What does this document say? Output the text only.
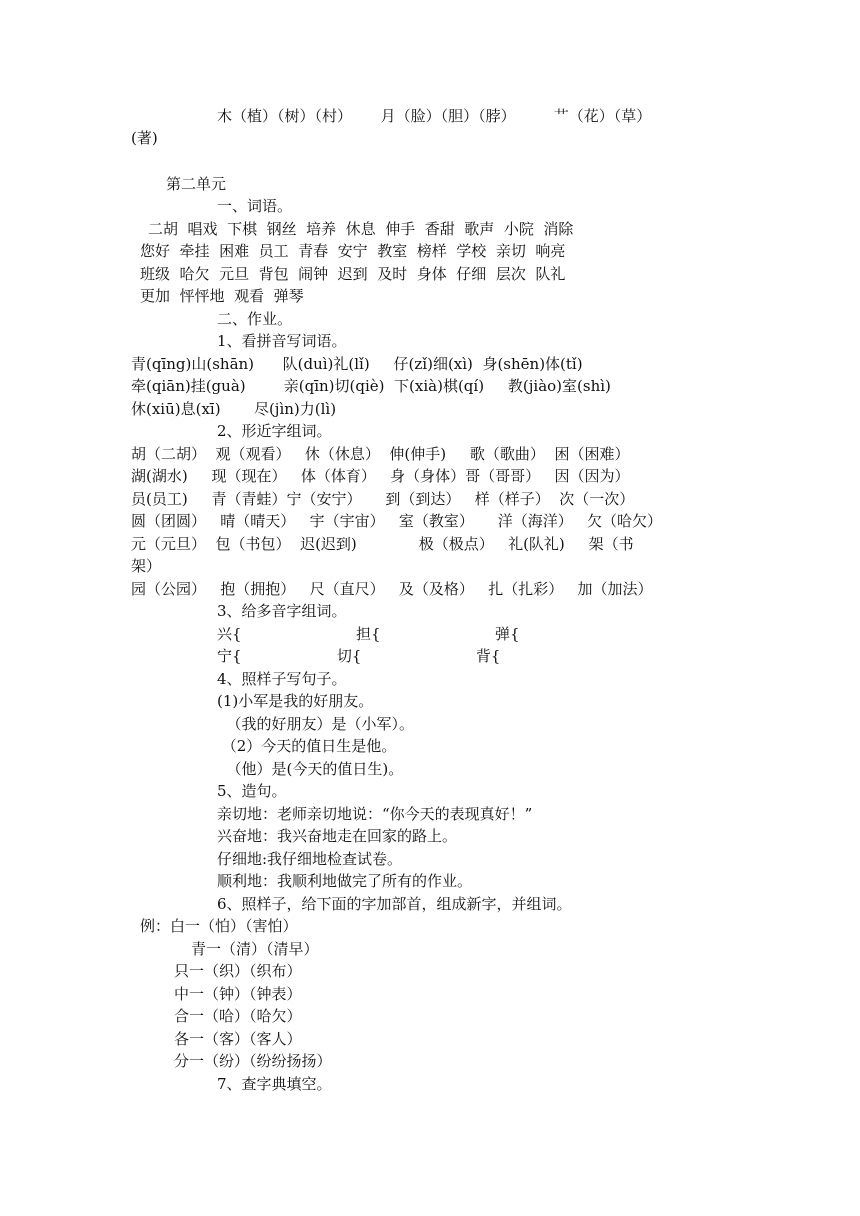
木（植）（树）（村）      月（脸）（胆）（脖）        艹（花）（草）
(著)
第二单元
一、词语。
二胡  唱戏  下棋  钢丝  培养  休息  伸手  香甜  歌声  小院  消除
您好  牵挂  困难  员工  青春  安宁  教室  榜样  学校  亲切  响亮
班级  哈欠  元旦  背包  闹钟  迟到  及时  身体  仔细  层次  队礼
更加  怦怦地  观看  弹琴
二、作业。
1、看拼音写词语。
青(qīng)山(shān)      队(duì)礼(lǐ)     仔(zǐ)细(xì)  身(shēn)体(tǐ)
牵(qiān)挂(guà)        亲(qīn)切(qiè)  下(xià)棋(qí)     教(jiào)室(shì)
休(xiū)息(xī)       尽(jìn)力(lì)
2、形近字组词。
胡（二胡）  观（观看）   休（休息）  伸(伸手)     歌（歌曲）  困（困难）
湖(湖水)     现（现在）   体（体育）   身（身体）哥（哥哥）   因（因为）
员(员工)     青（青蛙）宁（安宁）     到（到达）   样（样子）  次（一次）
圆（团圆）   晴（晴天）   宇（宇宙）   室（教室）     洋（海洋）   欠（哈欠）
元（元旦）  包（书包）  迟(迟到)             极（极点）   礼(队礼)     架（书
架）
园（公园）   抱（拥抱）   尺（直尺）   及（及格）   扎（扎彩）   加（加法）
3、给多音字组词。
兴{                        担{                        弹{
宁{                    切{                        背{
4、照样子写句子。
(1)小军是我的好朋友。
（我的好朋友）是（小军）。
（2）今天的值日生是他。
（他）是(今天的值日生)。
5、造句。
亲切地：老师亲切地说：“你今天的表现真好！”
兴奋地：我兴奋地走在回家的路上。
仔细地:我仔细地检查试卷。
顺利地：我顺利地做完了所有的作业。
6、照样子，给下面的字加部首，组成新字，并组词。
例：白一（怕）（害怕）
青一（清）（清早）
只一（织）（织布）
中一（钟）（钟表）
合一（哈）（哈欠）
各一（客）（客人）
分一（纷）（纷纷扬扬）
7、查字典填空。
